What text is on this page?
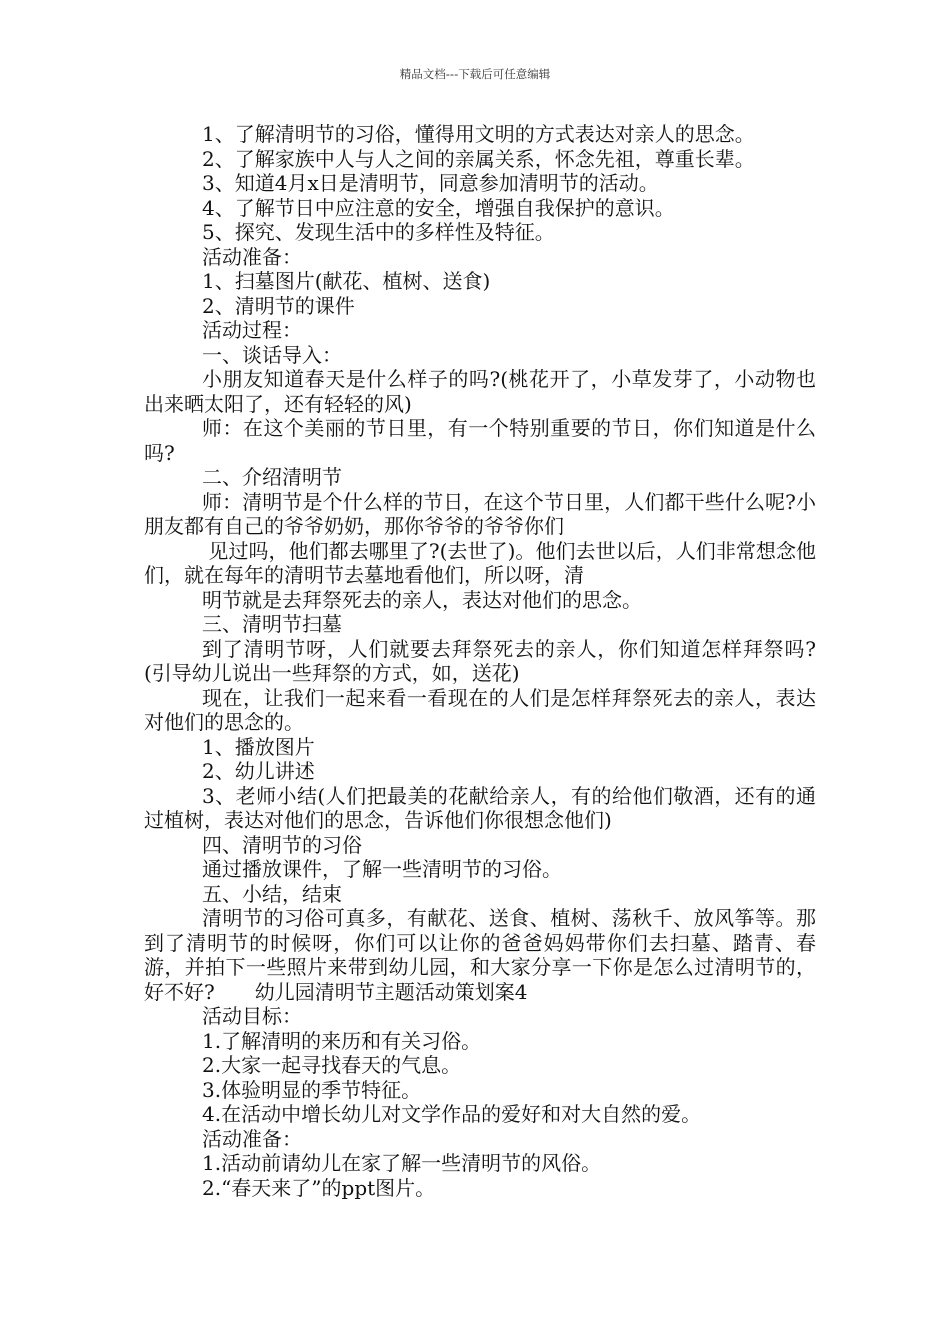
精品文档---下载后可任意编辑

1、了解清明节的习俗，懂得用文明的方式表达对亲人的思念。

2、了解家族中人与人之间的亲属关系，怀念先祖，尊重长辈。

3、知道4月x日是清明节，同意参加清明节的活动。

4、了解节日中应注意的安全，增强自我保护的意识。

5、探究、发现生活中的多样性及特征。

活动准备：

1、扫墓图片(献花、植树、送食)

2、清明节的课件

活动过程：

一、谈话导入：

小朋友知道春天是什么样子的吗?(桃花开了，小草发芽了，小动物也出来晒太阳了，还有轻轻的风)

师：在这个美丽的节日里，有一个特别重要的节日，你们知道是什么吗?

二、介绍清明节

师：清明节是个什么样的节日，在这个节日里，人们都干些什么呢?小朋友都有自己的爷爷奶奶，那你爷爷的爷爷你们

见过吗，他们都去哪里了?(去世了)。他们去世以后，人们非常想念他们，就在每年的清明节去墓地看他们，所以呀，清

明节就是去拜祭死去的亲人，表达对他们的思念。

三、清明节扫墓

到了清明节呀，人们就要去拜祭死去的亲人，你们知道怎样拜祭吗?(引导幼儿说出一些拜祭的方式，如，送花)

现在，让我们一起来看一看现在的人们是怎样拜祭死去的亲人，表达对他们的思念的。

1、播放图片

2、幼儿讲述

3、老师小结(人们把最美的花献给亲人，有的给他们敬酒，还有的通过植树，表达对他们的思念，告诉他们你很想念他们)

四、清明节的习俗

通过播放课件，了解一些清明节的习俗。

五、小结，结束

清明节的习俗可真多，有献花、送食、植树、荡秋千、放风筝等。那到了清明节的时候呀，你们可以让你的爸爸妈妈带你们去扫墓、踏青、春游，并拍下一些照片来带到幼儿园，和大家分享一下你是怎么过清明节的，好不好?　　幼儿园清明节主题活动策划案4

活动目标：

1.了解清明的来历和有关习俗。

2.大家一起寻找春天的气息。

3.体验明显的季节特征。

4.在活动中增长幼儿对文学作品的爱好和对大自然的爱。

活动准备：

1.活动前请幼儿在家了解一些清明节的风俗。

2.“春天来了”的ppt图片。
